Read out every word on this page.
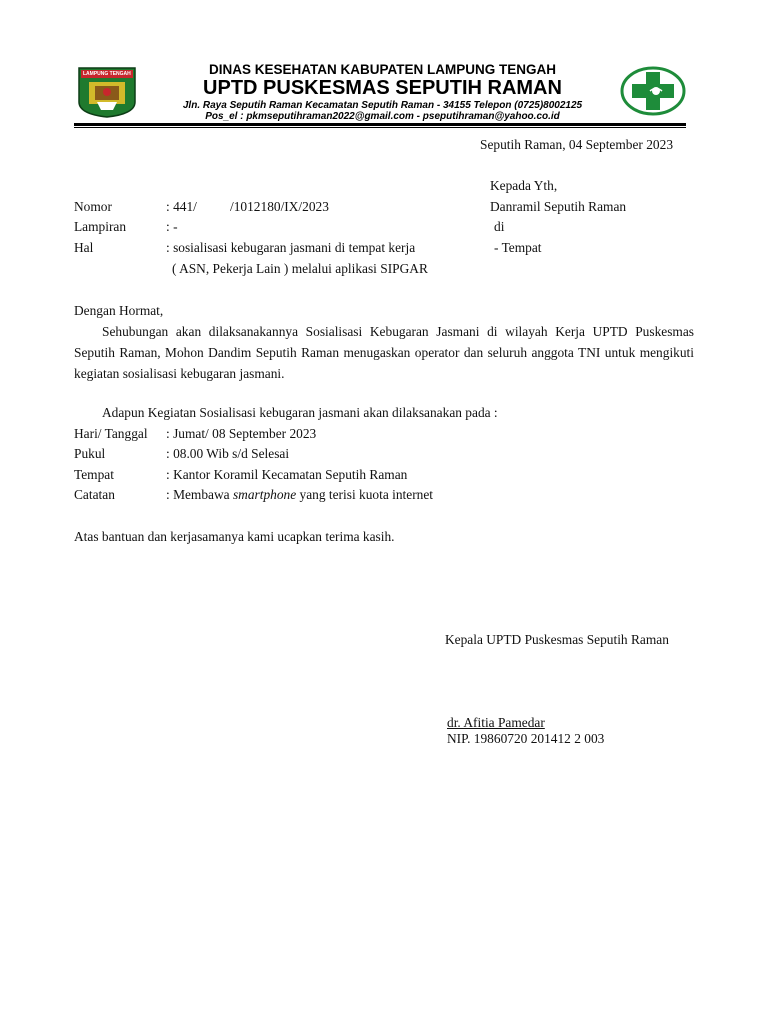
LAMPUNG TENGAH	DINAS KESEHATAN KABUPATEN LAMPUNG TENGAH
UPTD PUSKESMAS SEPUTIH RAMAN
Jln. Raya Seputih Raman Kecamatan Seputih Raman - 34155 Telepon (0725)8002125
Pos_el : pkmseputihraman2022@gmail.com - pseputihraman@yahoo.co.id
Seputih Raman, 04 September 2023
Kepada Yth,
Danramil Seputih Raman
di
- Tempat
Nomor	: 441/ /1012180/IX/2023
Lampiran	: -
Hal	: sosialisasi kebugaran jasmani di tempat kerja
( ASN, Pekerja Lain ) melalui aplikasi SIPGAR
Dengan Hormat,
Sehubungan akan dilaksanakannya Sosialisasi Kebugaran Jasmani di wilayah Kerja UPTD Puskesmas Seputih Raman, Mohon Dandim Seputih Raman menugaskan operator dan seluruh anggota TNI untuk mengikuti kegiatan sosialisasi kebugaran jasmani.
Adapun Kegiatan Sosialisasi kebugaran jasmani akan dilaksanakan pada :
Hari/ Tanggal : Jumat/ 08 September 2023
Pukul	: 08.00 Wib s/d Selesai
Tempat	: Kantor Koramil Kecamatan Seputih Raman
Catatan	: Membawa smartphone yang terisi kuota internet
Atas bantuan dan kerjasamanya kami ucapkan terima kasih.
Kepala UPTD Puskesmas Seputih Raman
dr. Afitia Pamedar
NIP. 19860720 201412 2 003
